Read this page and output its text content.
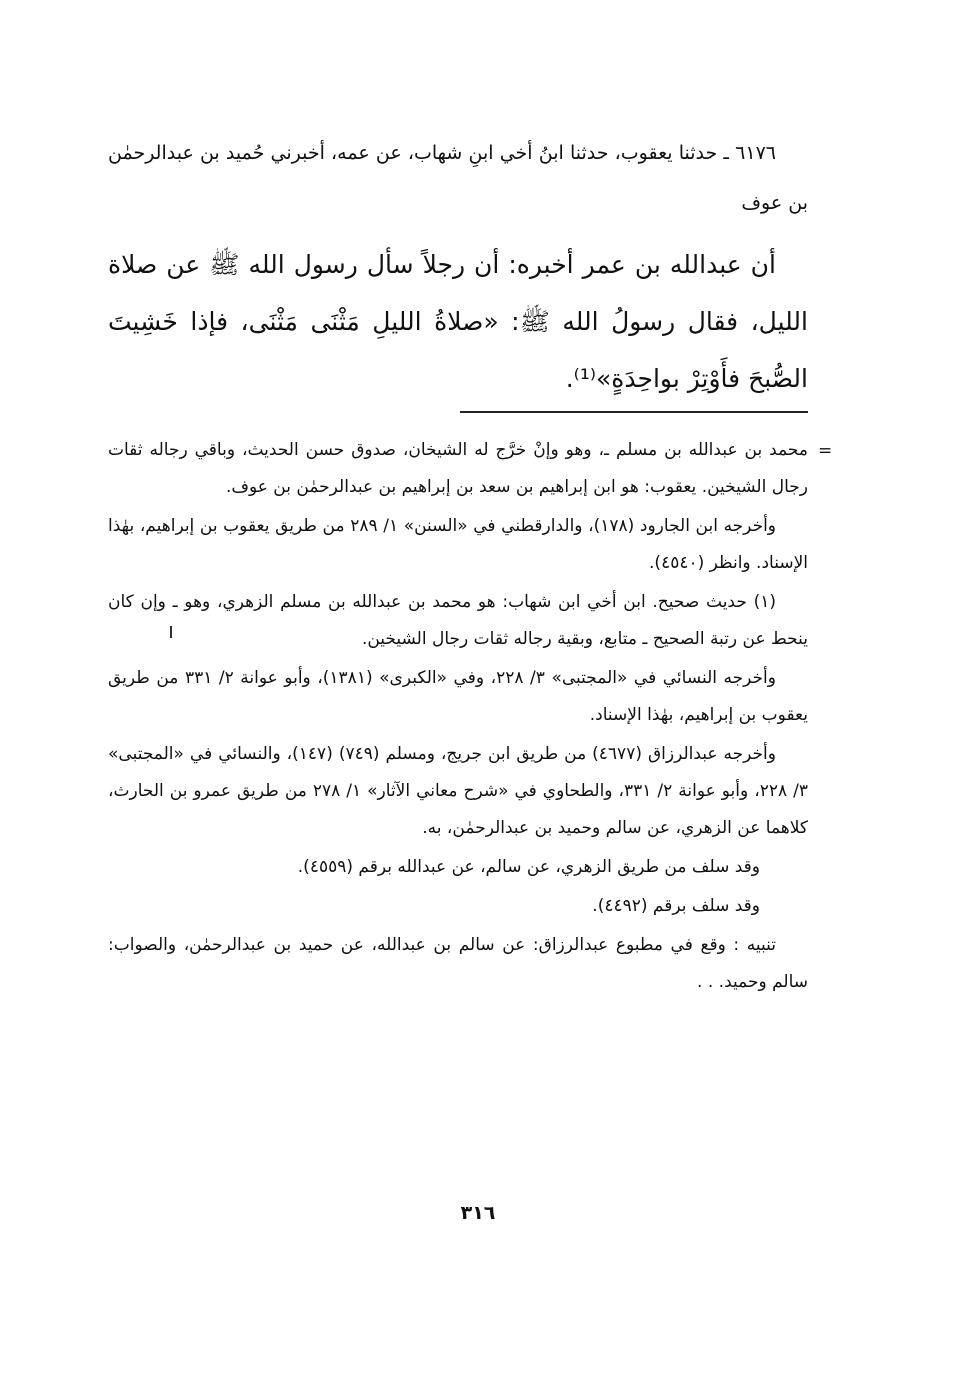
٦١٧٦ ـ حدثنا يعقوب، حدثنا ابنُ أخي ابنِ شهاب، عن عمه، أخبرني حُميد بن عبدالرحمٰن بن عوف
أن عبدالله بن عمر أخبره: أن رجلاً سأل رسول الله ﷺ عن صلاة الليل، فقال رسولُ الله ﷺ: «صلاةُ الليلِ مَثْنَى مَثْنَى، فإذا خَشِيتَ الصُّبحَ فأَوْتِرْ بواحِدَةٍ»⁽¹⁾.
=

محمد بن عبدالله بن مسلم ـ، وهو وإنْ خرَّج له الشيخان، صدوق حسن الحديث، وباقي رجاله ثقات رجال الشيخين. يعقوب: هو ابن إبراهيم بن سعد بن إبراهيم بن عبدالرحمٰن بن عوف.

وأخرجه ابن الجارود (١٧٨)، والدارقطني في «السنن» ١/ ٢٨٩ من طريق يعقوب بن إبراهيم، بهٰذا الإسناد. وانظر (٤٥٤٠).

(١) حديث صحيح. ابن أخي ابن شهاب: هو محمد بن عبدالله بن مسلم الزهري، وهو ـ وإن كان ينحط عن رتبة الصحيح ـ متابع، وبقية رجاله ثقات رجال الشيخين.

وأخرجه النسائي في «المجتبى» ٣/ ٢٢٨، وفي «الكبرى» (١٣٨١)، وأبو عوانة ٢/ ٣٣١ من طريق يعقوب بن إبراهيم، بهٰذا الإسناد.

وأخرجه عبدالرزاق (٤٦٧٧) من طريق ابن جريج، ومسلم (٧٤٩) (١٤٧)، والنسائي في «المجتبى» ٣/ ٢٢٨، وأبو عوانة ٢/ ٣٣١، والطحاوي في «شرح معاني الآثار» ١/ ٢٧٨ من طريق عمرو بن الحارث، كلاهما عن الزهري، عن سالم وحميد بن عبدالرحمٰن، به.

وقد سلف من طريق الزهري، عن سالم، عن عبدالله برقم (٤٥٥٩).

وقد سلف برقم (٤٤٩٢).

تنبيه : وقع في مطبوع عبدالرزاق: عن سالم بن عبدالله، عن حميد بن عبدالرحمٰن، والصواب: سالم وحميد. . .

٣١٦
